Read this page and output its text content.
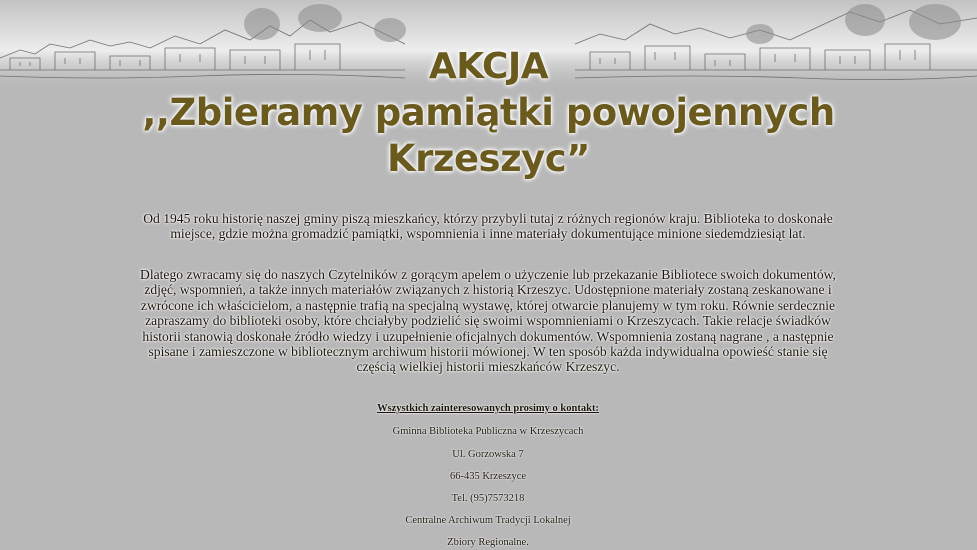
AKCJA
,,Zbieramy pamiątki powojennych
Krzeszyc”

Od 1945 roku historię naszej gminy piszą mieszkańcy, którzy przybyli tutaj z różnych regionów kraju. Biblioteka to doskonałe miejsce, gdzie można gromadzić pamiątki, wspomnienia i inne materiały dokumentujące minione siedemdziesiąt lat.

Dlatego zwracamy się do naszych Czytelników z gorącym apelem o użyczenie lub przekazanie Bibliotece swoich dokumentów, zdjęć, wspomnień, a także innych materiałów związanych z historią Krzeszyc. Udostępnione materiały zostaną zeskanowane i zwrócone ich właścicielom, a następnie trafią na specjalną wystawę, której otwarcie planujemy w tym roku. Równie serdecznie zapraszamy do biblioteki osoby, które chciałyby podzielić się swoimi wspomnieniami o Krzeszycach. Takie relacje świadków historii stanowią doskonałe źródło wiedzy i uzupełnienie oficjalnych dokumentów. Wspomnienia zostaną nagrane , a następnie spisane i zamieszczone w bibliotecznym archiwum historii mówionej. W ten sposób każda indywidualna opowieść stanie się częścią wielkiej historii mieszkańców Krzeszyc.

Wszystkich zainteresowanych prosimy o kontakt:

Gminna Biblioteka Publiczna w Krzeszycach

Ul. Gorzowska 7

66-435 Krzeszyce

Tel. (95)7573218

Centralne Archiwum Tradycji Lokalnej

Zbiory Regionalne.
